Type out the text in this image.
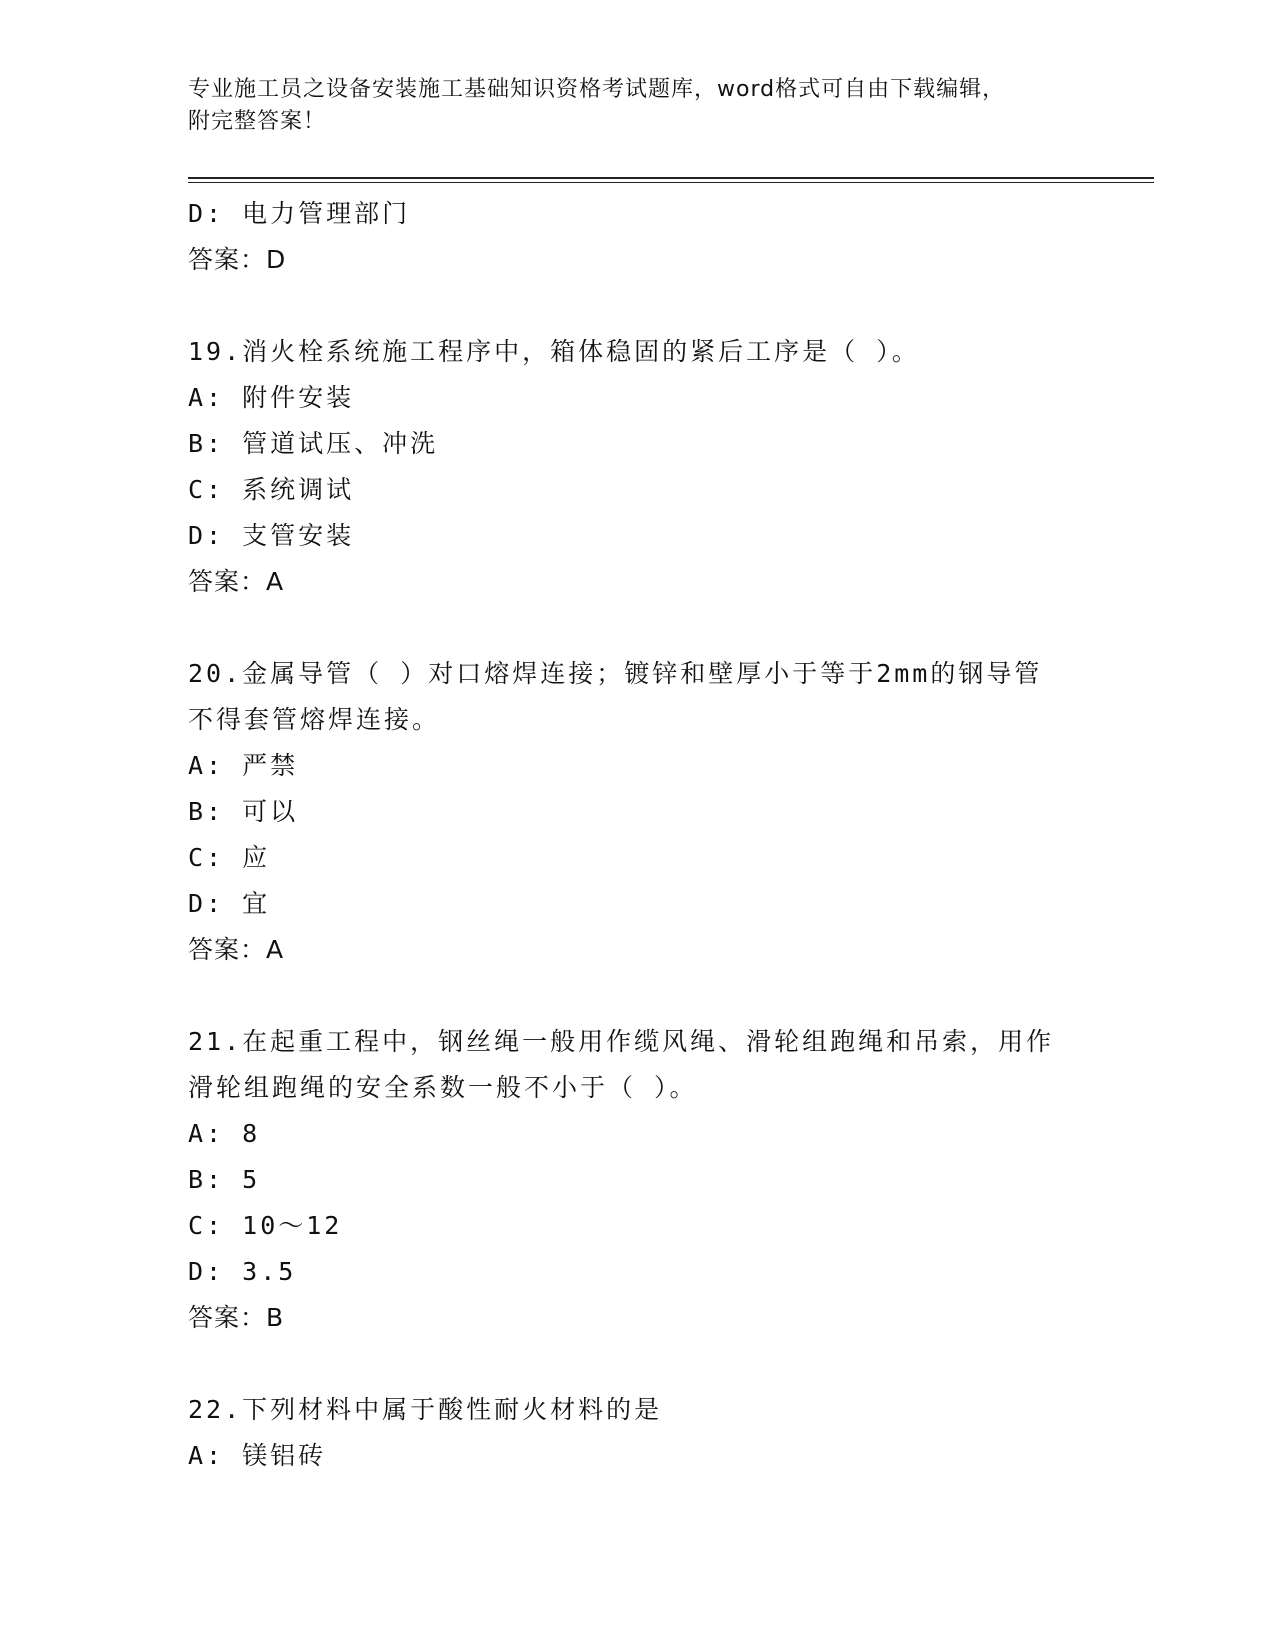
专业施工员之设备安装施工基础知识资格考试题库，word格式可自由下载编辑，
附完整答案！
D: 电力管理部门
答案：D
19.消火栓系统施工程序中，箱体稳固的紧后工序是（ ）。
A: 附件安装
B: 管道试压、冲洗
C: 系统调试
D: 支管安装
答案：A
20.金属导管（ ）对口熔焊连接；镀锌和壁厚小于等于2mm的钢导管
不得套管熔焊连接。
A: 严禁
B: 可以
C: 应
D: 宜
答案：A
21.在起重工程中，钢丝绳一般用作缆风绳、滑轮组跑绳和吊索，用作
滑轮组跑绳的安全系数一般不小于（ ）。
A: 8
B: 5
C: 10～12
D: 3.5
答案：B
22.下列材料中属于酸性耐火材料的是
A: 镁铝砖
